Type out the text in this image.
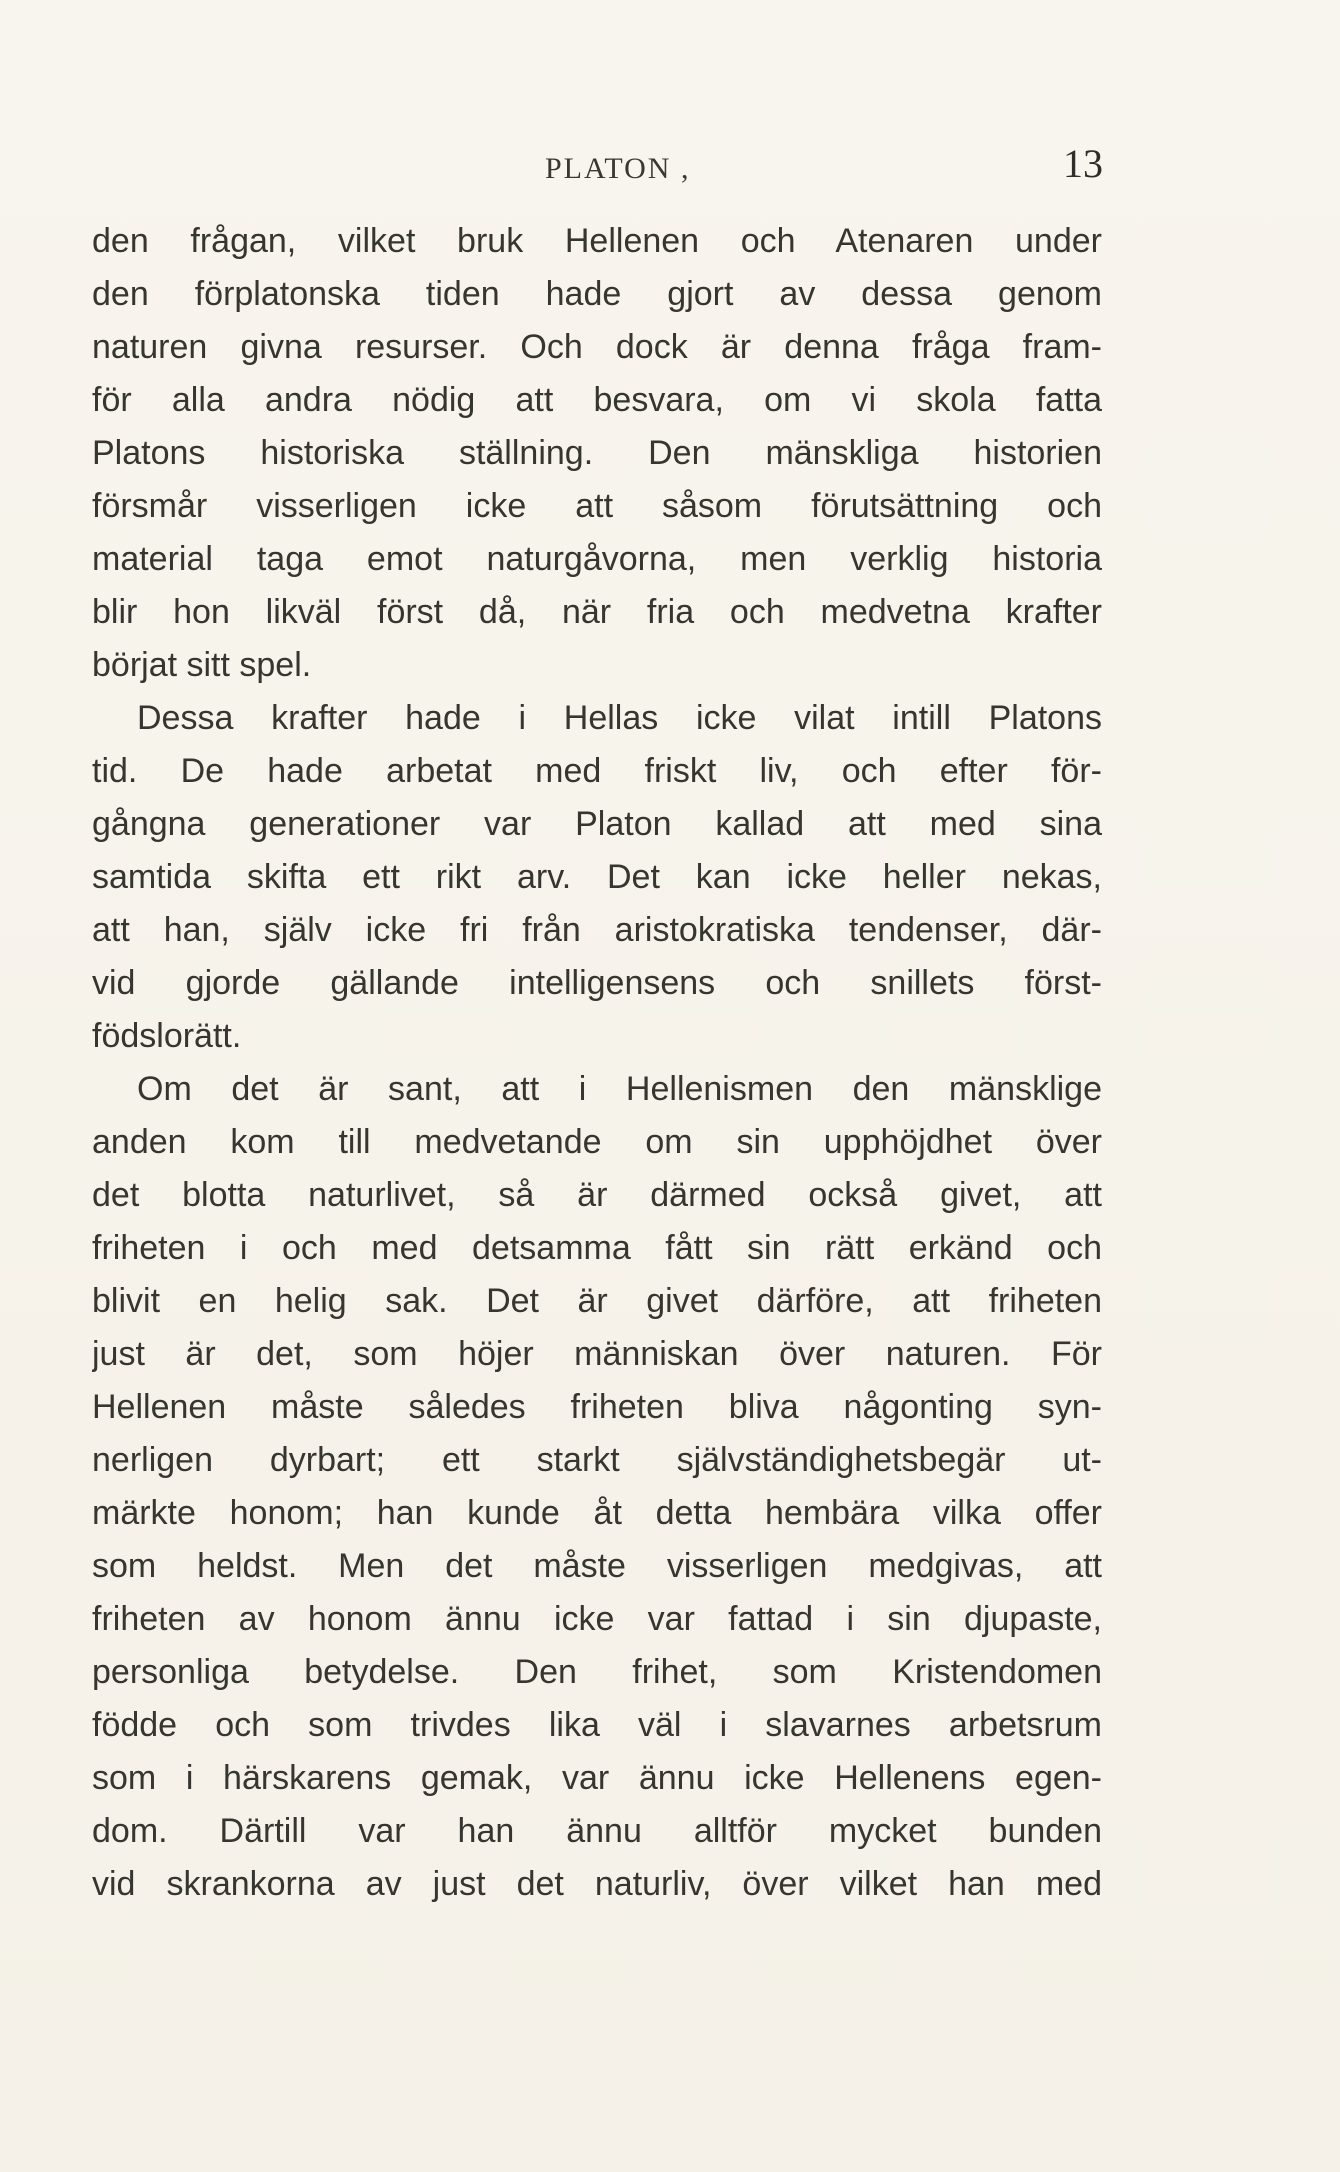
PLATON ,	13
den frågan, vilket bruk Hellenen och Atenaren under
den förplatonska tiden hade gjort av dessa genom
naturen givna resurser. Och dock är denna fråga fram-
för alla andra nödig att besvara, om vi skola fatta
Platons historiska ställning. Den mänskliga historien
försmår visserligen icke att såsom förutsättning och
material taga emot naturgåvorna, men verklig historia
blir hon likväl först då, när fria och medvetna krafter
börjat sitt spel.
Dessa krafter hade i Hellas icke vilat intill Platons
tid. De hade arbetat med friskt liv, och efter för-
gångna generationer var Platon kallad att med sina
samtida skifta ett rikt arv. Det kan icke heller nekas,
att han, själv icke fri från aristokratiska tendenser, där-
vid gjorde gällande intelligensens och snillets först-
födslorätt.
Om det är sant, att i Hellenismen den mänsklige
anden kom till medvetande om sin upphöjdhet över
det blotta naturlivet, så är därmed också givet, att
friheten i och med detsamma fått sin rätt erkänd och
blivit en helig sak. Det är givet därföre, att friheten
just är det, som höjer människan över naturen. För
Hellenen måste således friheten bliva någonting syn-
nerligen dyrbart; ett starkt självständighetsbegär ut-
märkte honom; han kunde åt detta hembära vilka offer
som heldst. Men det måste visserligen medgivas, att
friheten av honom ännu icke var fattad i sin djupaste,
personliga betydelse. Den frihet, som Kristendomen
födde och som trivdes lika väl i slavarnes arbetsrum
som i härskarens gemak, var ännu icke Hellenens egen-
dom. Därtill var han ännu alltför mycket bunden
vid skrankorna av just det naturliv, över vilket han med
